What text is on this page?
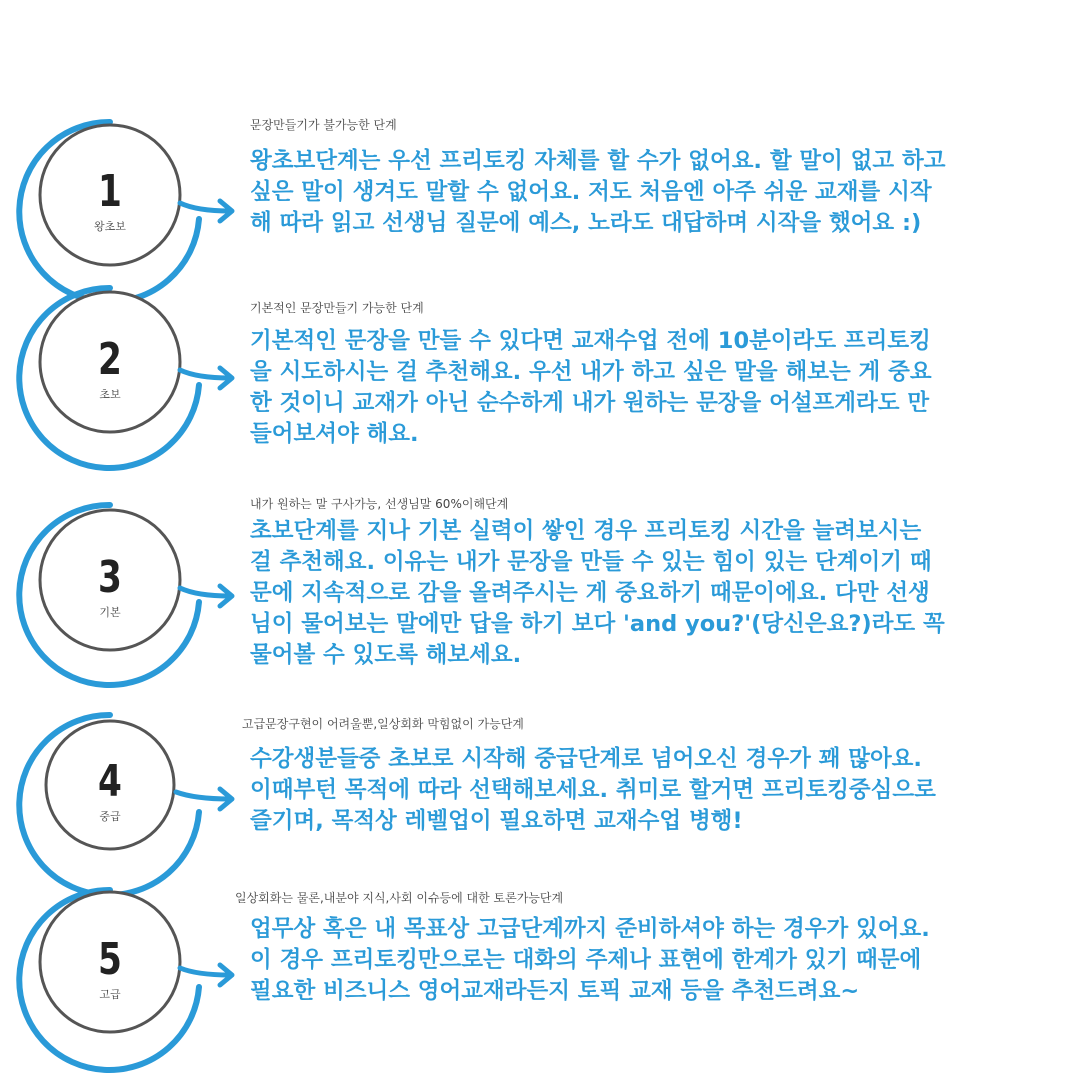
1
왕초보
문장만들기가 불가능한 단계
왕초보단계는 우선 프리토킹 자체를 할 수가 없어요. 할 말이 없고 하고
싶은 말이 생겨도 말할 수 없어요. 저도 처음엔 아주 쉬운 교재를 시작
해 따라 읽고 선생님 질문에 예스, 노라도 대답하며 시작을 했어요 :)
2
초보
기본적인 문장만들기 가능한 단계
기본적인 문장을 만들 수 있다면 교재수업 전에 10분이라도 프리토킹
을 시도하시는 걸 추천해요. 우선 내가 하고 싶은 말을 해보는 게 중요
한 것이니 교재가 아닌 순수하게 내가 원하는 문장을 어설프게라도 만
들어보셔야 해요.
3
기본
내가 원하는 말 구사가능, 선생님말 60%이해단계
초보단계를 지나 기본 실력이 쌓인 경우 프리토킹 시간을 늘려보시는
걸 추천해요. 이유는 내가 문장을 만들 수 있는 힘이 있는 단계이기 때
문에 지속적으로 감을 올려주시는 게 중요하기 때문이에요. 다만 선생
님이 물어보는 말에만 답을 하기 보다 'and you?'(당신은요?)라도 꼭
물어볼 수 있도록 해보세요.
4
중급
고급문장구현이 어려울뿐,일상회화 막힘없이 가능단계
수강생분들중 초보로 시작해 중급단계로 넘어오신 경우가 꽤 많아요.
이때부턴 목적에 따라 선택해보세요. 취미로 할거면 프리토킹중심으로
즐기며, 목적상 레벨업이 필요하면 교재수업 병행!
5
고급
일상회화는 물론,내분야 지식,사회 이슈등에 대한 토론가능단계
업무상 혹은 내 목표상 고급단계까지 준비하셔야 하는 경우가 있어요.
이 경우 프리토킹만으로는 대화의 주제나 표현에 한계가 있기 때문에
필요한 비즈니스 영어교재라든지 토픽 교재 등을 추천드려요~
